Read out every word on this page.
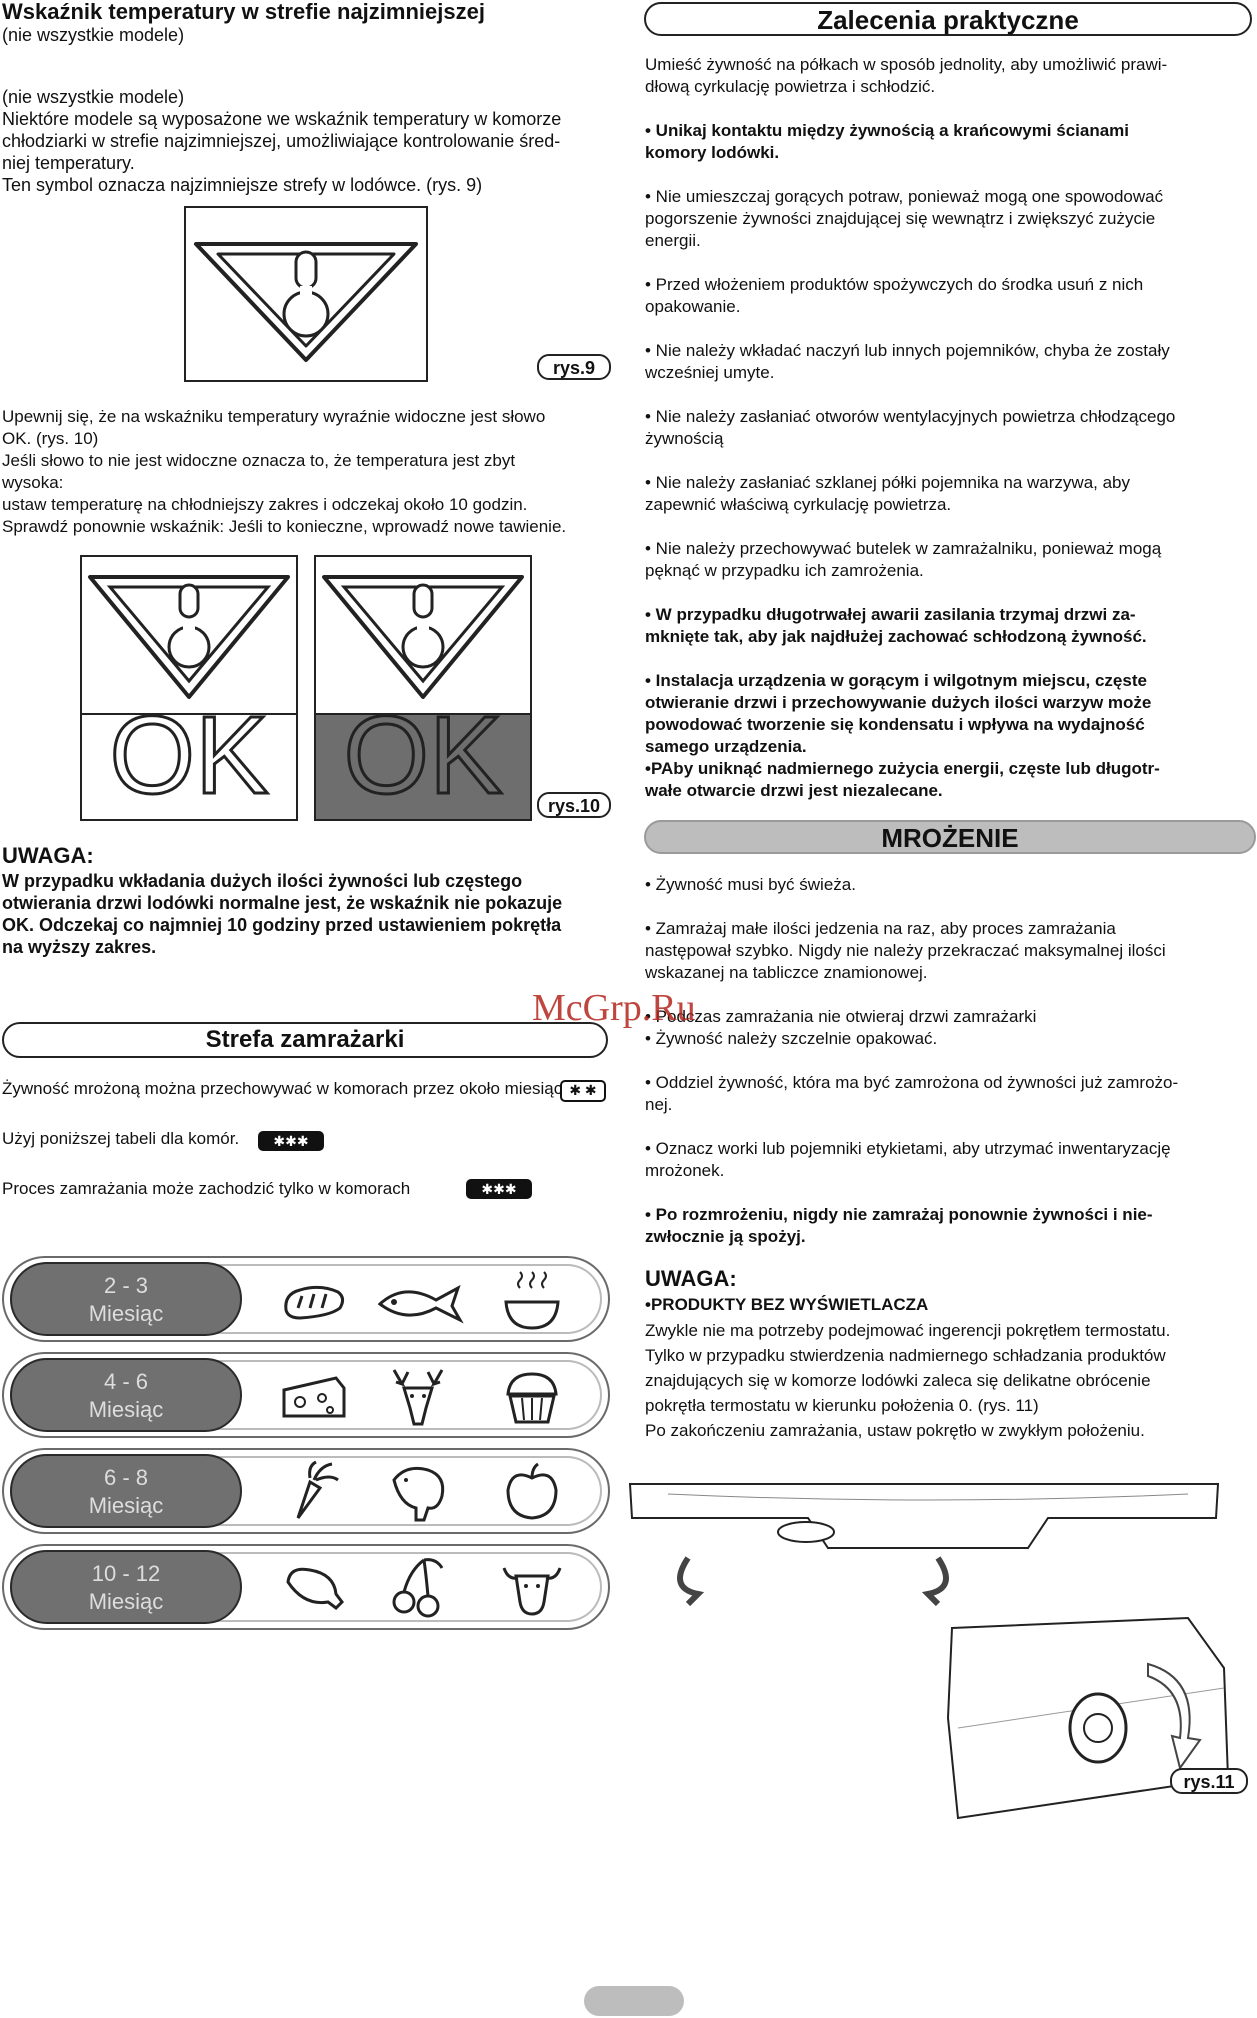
Wskaźnik temperatury w strefie najzimniejszej
(nie wszystkie modele)
(nie wszystkie modele)
Niektóre modele są wyposażone we wskaźnik temperatury w komorze
chłodziarki w strefie najzimniejszej, umożliwiające kontrolowanie śred-
niej temperatury.
Ten symbol oznacza najzimniejsze strefy w lodówce. (rys. 9)
rys.9
Upewnij się, że na wskaźniku temperatury wyraźnie widoczne jest słowo
OK. (rys. 10)
Jeśli słowo to nie jest widoczne oznacza to, że temperatura jest zbyt
wysoka:
ustaw temperaturę na chłodniejszy zakres i odczekaj około 10 godzin.
Sprawdź ponownie wskaźnik: Jeśli to konieczne, wprowadź nowe tawienie.
OK OK	rys.10
UWAGA:
W przypadku wkładania dużych ilości żywności lub częstego
otwierania drzwi lodówki normalne jest, że wskaźnik nie pokazuje
OK. Odczekaj co najmniej 10 godziny przed ustawieniem pokrętła
na wyższy zakres.
Strefa zamrażarki
Żywność mrożoną można przechowywać w komorach przez około miesiąc ✱ ✱
Użyj poniższej tabeli dla komór.	✱✱✱
Proces zamrażania może zachodzić tylko w komorach	✱✱✱
2 - 3
Miesiąc
4 - 6
Miesiąc
6 - 8
Miesiąc
10 - 12
Miesiąc
Zalecenia praktyczne
Umieść żywność na półkach w sposób jednolity, aby umożliwić prawi-
dłową cyrkulację powietrza i schłodzić.
• Unikaj kontaktu między żywnością a krańcowymi ścianami
komory lodówki.
• Nie umieszczaj gorących potraw, ponieważ mogą one spowodować
pogorszenie żywności znajdującej się wewnątrz i zwiększyć zużycie
energii.
• Przed włożeniem produktów spożywczych do środka usuń z nich
opakowanie.
• Nie należy wkładać naczyń lub innych pojemników, chyba że zostały
wcześniej umyte.
• Nie należy zasłaniać otworów wentylacyjnych powietrza chłodzącego
żywnością
• Nie należy zasłaniać szklanej półki pojemnika na warzywa, aby
zapewnić właściwą cyrkulację powietrza.
• Nie należy przechowywać butelek w zamrażalniku, ponieważ mogą
pęknąć w przypadku ich zamrożenia.
• W przypadku długotrwałej awarii zasilania trzymaj drzwi za-
mknięte tak, aby jak najdłużej zachować schłodzoną żywność.
• Instalacja urządzenia w gorącym i wilgotnym miejscu, częste
otwieranie drzwi i przechowywanie dużych ilości warzyw może
powodować tworzenie się kondensatu i wpływa na wydajność
samego urządzenia.
•PAby uniknąć nadmiernego zużycia energii, częste lub długotr-
wałe otwarcie drzwi jest niezalecane.
MROŻENIE
• Żywność musi być świeża.
• Zamrażaj małe ilości jedzenia na raz, aby proces zamrażania
następował szybko. Nigdy nie należy przekraczać maksymalnej ilości
wskazanej na tabliczce znamionowej.
• Podczas zamrażania nie otwieraj drzwi zamrażarki
• Żywność należy szczelnie opakować.
• Oddziel żywność, która ma być zamrożona od żywności już zamrożo-
nej.
• Oznacz worki lub pojemniki etykietami, aby utrzymać inwentaryzację
mrożonek.
• Po rozmrożeniu, nigdy nie zamrażaj ponownie żywności i nie-
zwłocznie ją spożyj.
UWAGA:
•PRODUKTY BEZ WYŚWIETLACZA
Zwykle nie ma potrzeby podejmować ingerencji pokrętłem termostatu.
Tylko w przypadku stwierdzenia nadmiernego schładzania produktów
znajdujących się w komorze lodówki zaleca się delikatne obrócenie
pokrętła termostatu w kierunku położenia 0. (rys. 11)
Po zakończeniu zamrażania, ustaw pokrętło w zwykłym położeniu.
rys.11
McGrp.Ru
